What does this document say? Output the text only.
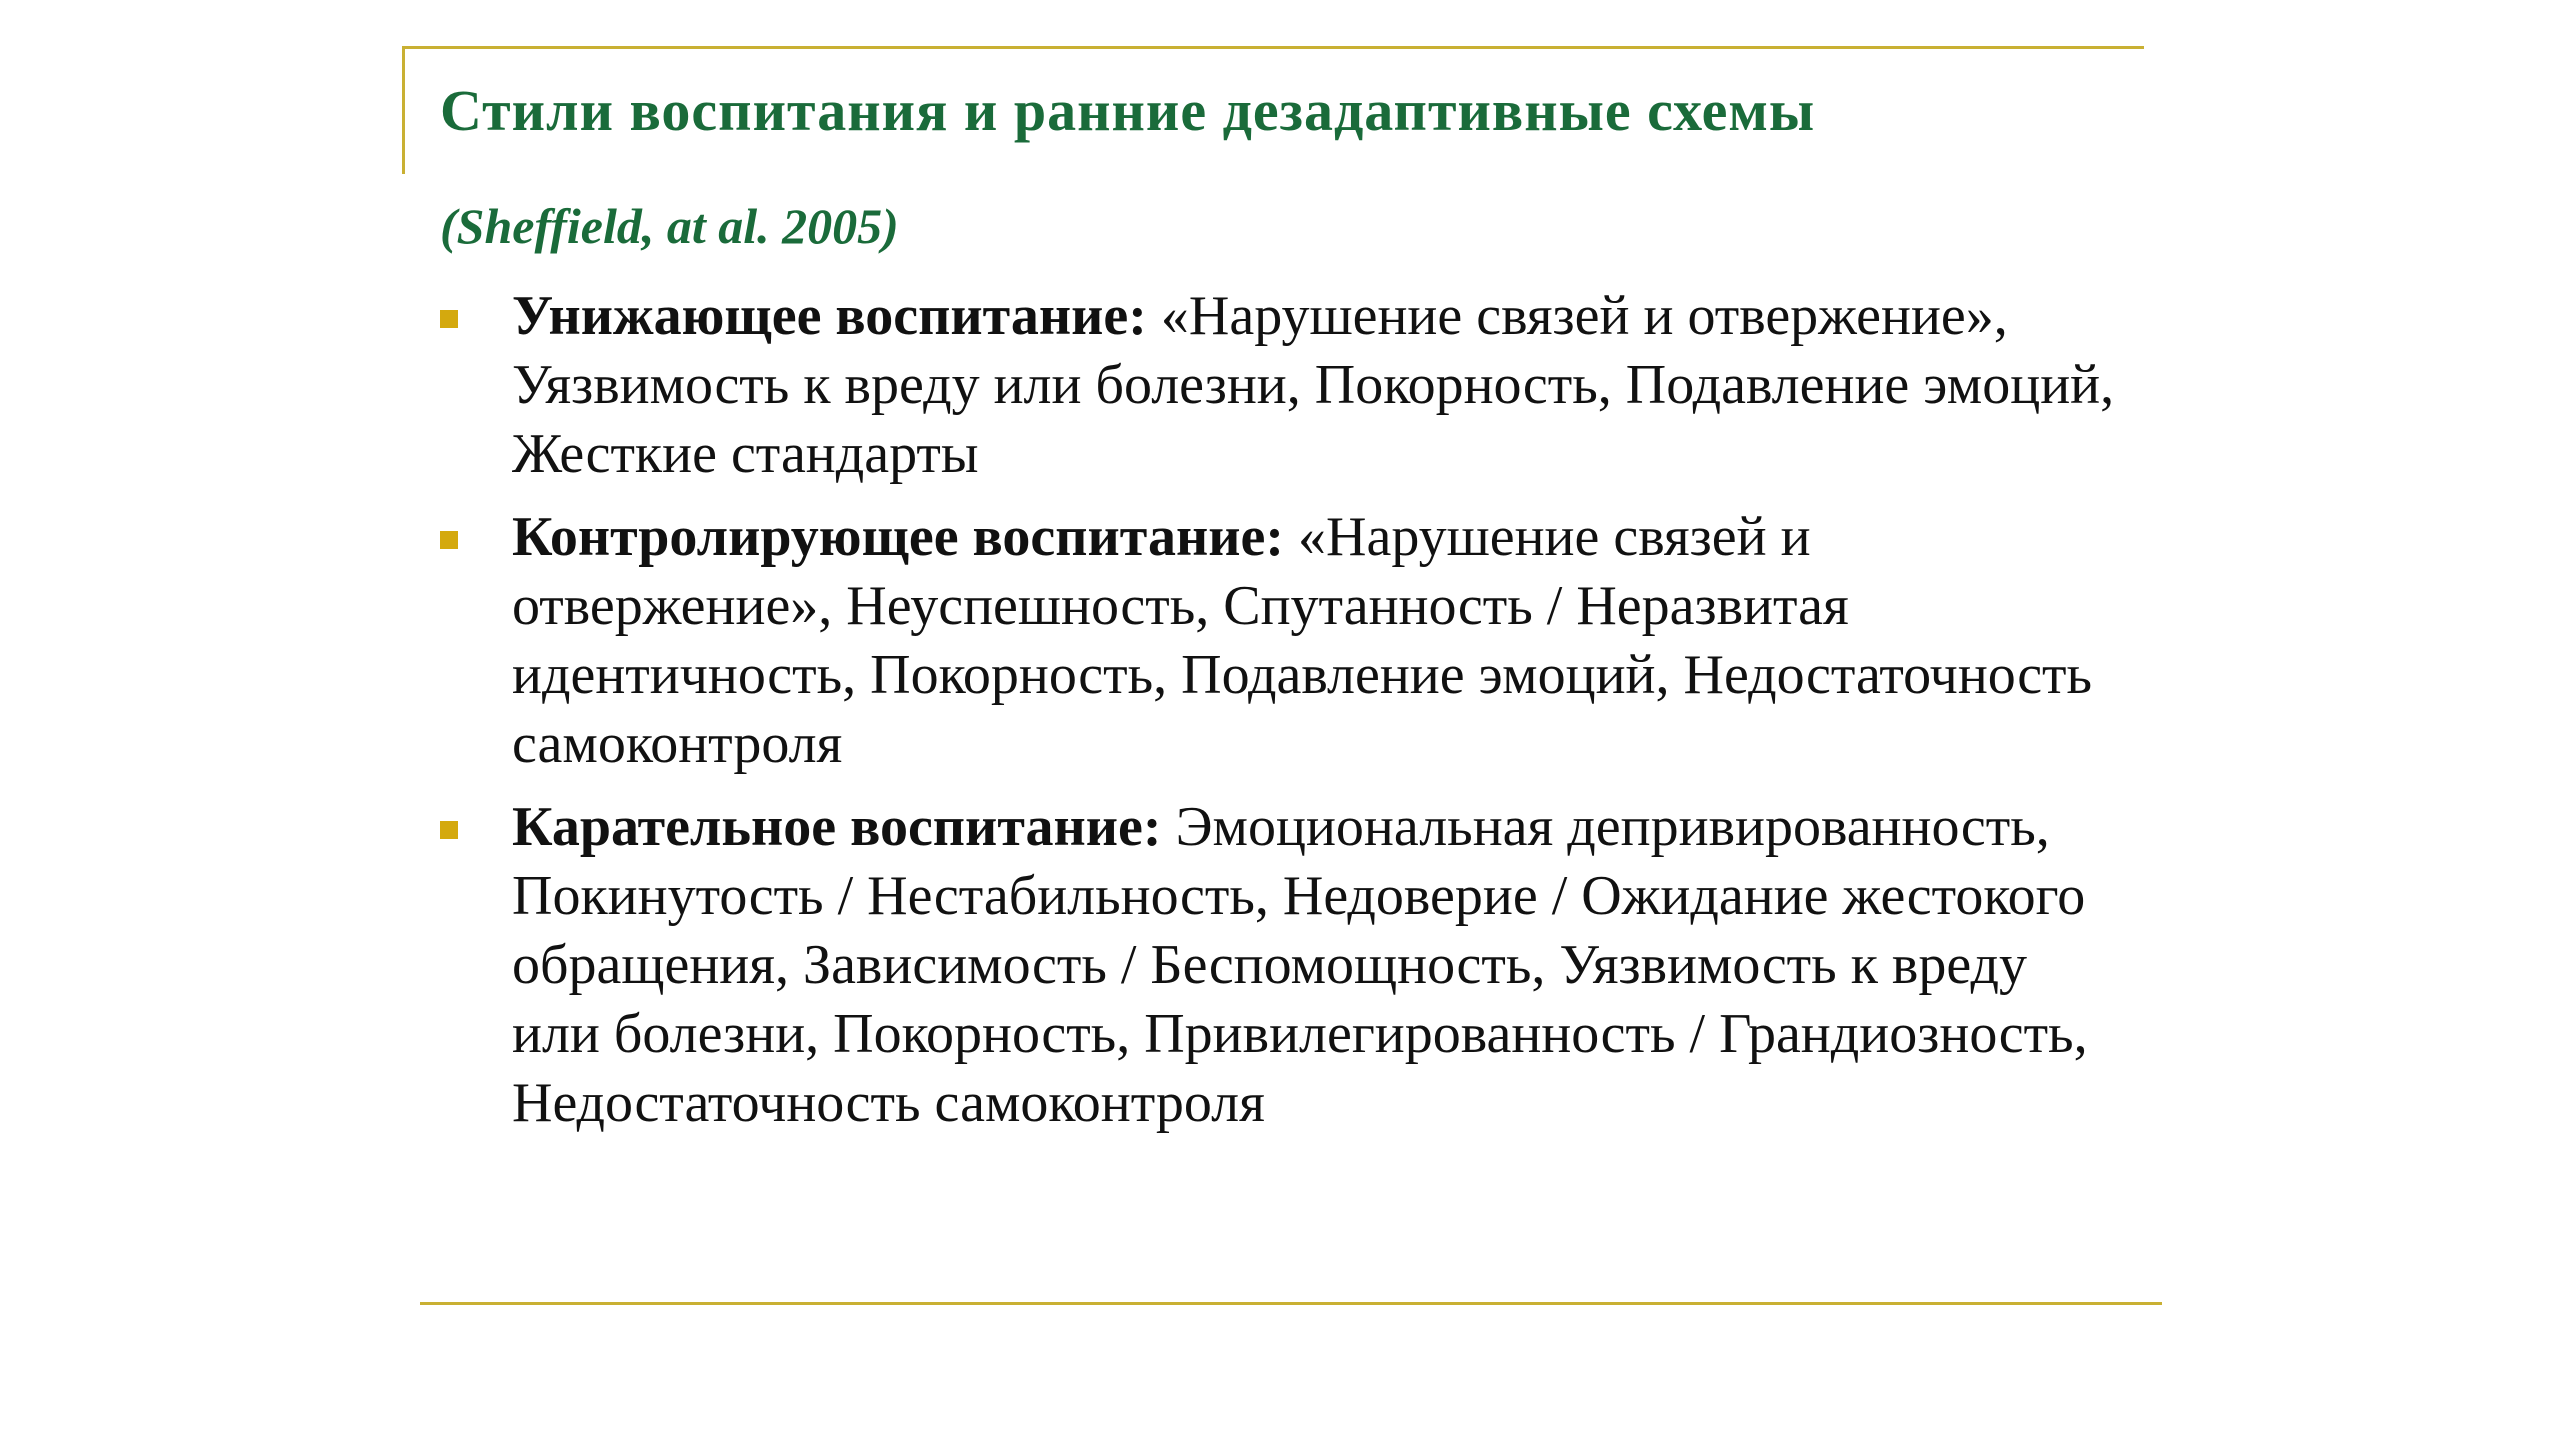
Стили воспитания и ранние дезадаптивные схемы

(Sheffield, at al. 2005)

Унижающее воспитание: «Нарушение связей и отвержение», Уязвимость к вреду или болезни, Покорность, Подавление эмоций, Жесткие стандарты
Контролирующее воспитание: «Нарушение связей и отвержение», Неуспешность, Спутанность / Неразвитая идентичность, Покорность, Подавление эмоций, Недостаточность самоконтроля
Карательное воспитание: Эмоциональная депривированность, Покинутость / Нестабильность, Недоверие / Ожидание жестокого обращения, Зависимость / Беспомощность, Уязвимость к вреду или болезни, Покорность, Привилегированность / Грандиозность, Недостаточность самоконтроля
